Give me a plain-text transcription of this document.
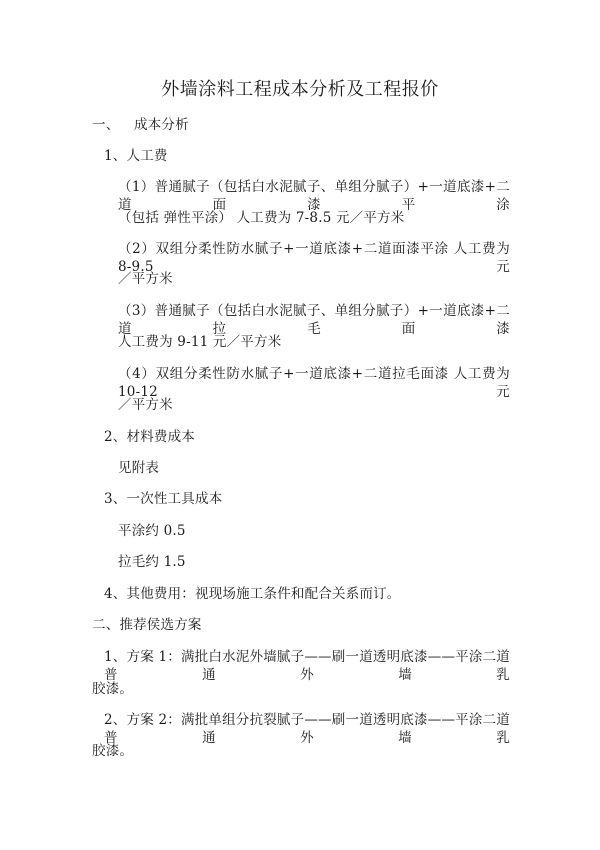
外墙涂料工程成本分析及工程报价
一、 成本分析
1、人工费
（1）普通腻子（包括白水泥腻子、单组分腻子）+一道底漆+二道面漆平涂
（包括 弹性平涂） 人工费为 7-8.5 元／平方米
（2）双组分柔性防水腻子+一道底漆+二道面漆平涂 人工费为 8-9.5 元
／平方米
（3）普通腻子（包括白水泥腻子、单组分腻子）+一道底漆+二道拉毛面漆
人工费为 9-11 元／平方米
（4）双组分柔性防水腻子+一道底漆+二道拉毛面漆 人工费为 10-12 元
／平方米
2、材料费成本
见附表
3、一次性工具成本
平涂约 0.5
拉毛约 1.5
4、其他费用：视现场施工条件和配合关系而订。
二、推荐侯选方案
1、方案 1：满批白水泥外墙腻子——刷一道透明底漆——平涂二道普通外墙乳
胶漆。
2、方案 2：满批单组分抗裂腻子——刷一道透明底漆——平涂二道普通外墙乳
胶漆。
